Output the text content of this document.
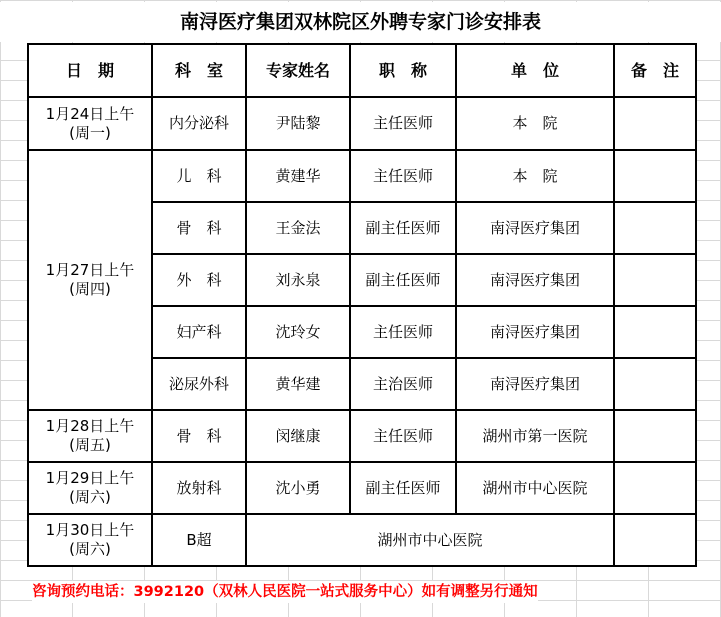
南浔医疗集团双林院区外聘专家门诊安排表
日　期	科　室	专家姓名	职　称	单　位	备　注

1月24日上午
(周一)	内分泌科	尹陆黎	主任医师	本　院	

1月27日上午
(周四)	儿　科	黄建华	主任医师	本　院	
	骨　科	王金法	副主任医师	南浔医疗集团	
	外　科	刘永泉	副主任医师	南浔医疗集团	
	妇产科	沈玲女	主任医师	南浔医疗集团	
	泌尿外科	黄华建	主治医师	南浔医疗集团	

1月28日上午
(周五)	骨　科	闵继康	主任医师	湖州市第一医院	

1月29日上午
(周六)	放射科	沈小勇	副主任医师	湖州市中心医院	

1月30日上午
(周六)	B超	湖州市中心医院			
咨询预约电话：3992120（双林人民医院一站式服务中心）如有调整另行通知
